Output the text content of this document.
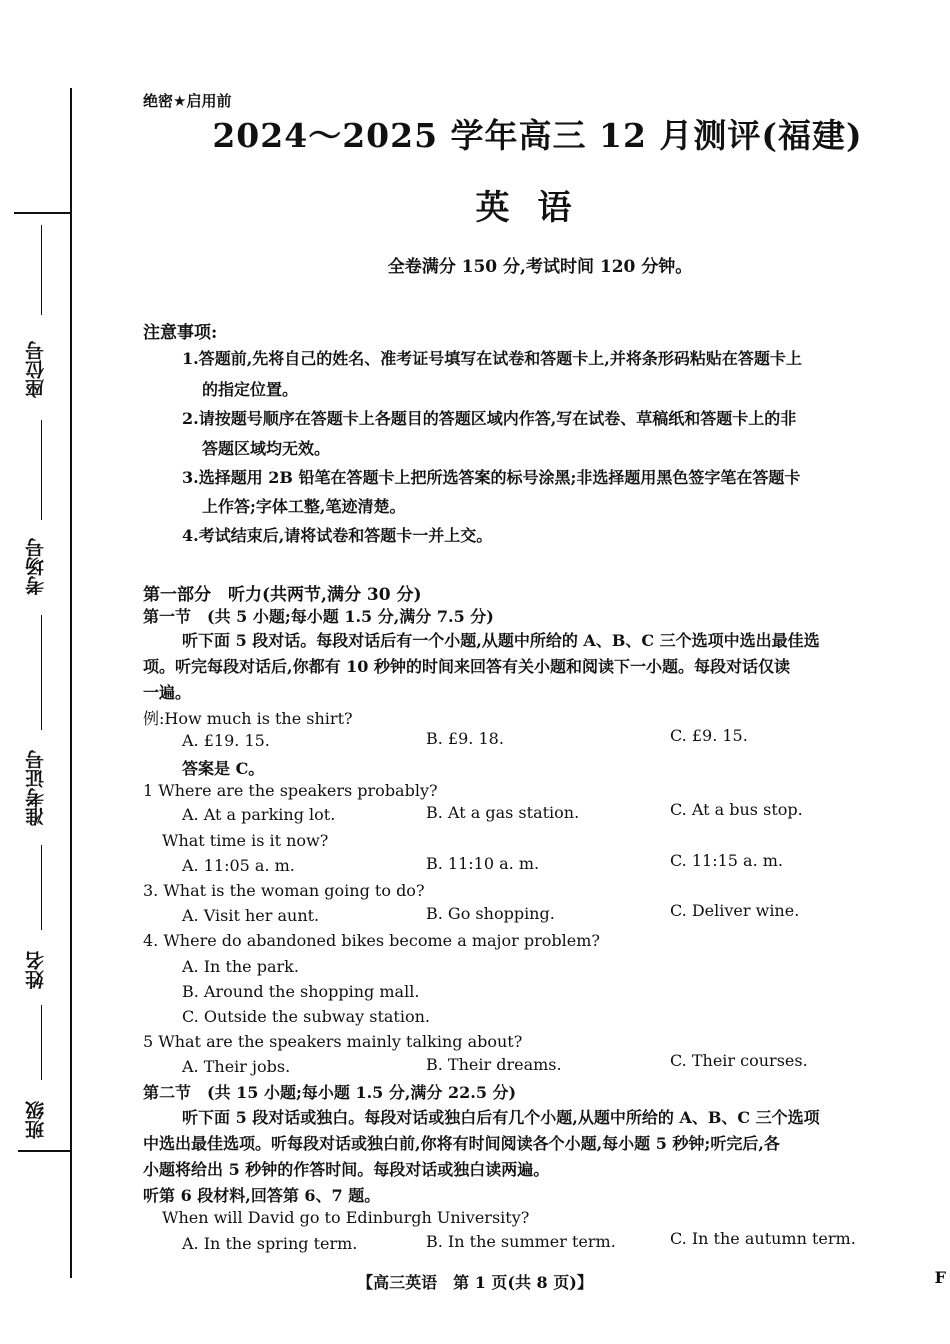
座位号
考场号
准考证号
姓名
班级
绝密★启用前
2024～2025 学年高三 12 月测评(福建)
英语
全卷满分 150 分,考试时间 120 分钟。
注意事项:
1.答题前,先将自己的姓名、准考证号填写在试卷和答题卡上,并将条形码粘贴在答题卡上
的指定位置。
2.请按题号顺序在答题卡上各题目的答题区域内作答,写在试卷、草稿纸和答题卡上的非
答题区域均无效。
3.选择题用 2B 铅笔在答题卡上把所选答案的标号涂黑;非选择题用黑色签字笔在答题卡
上作答;字体工整,笔迹清楚。
4.考试结束后,请将试卷和答题卡一并上交。
第一部分　听力(共两节,满分 30 分)
第一节　(共 5 小题;每小题 1.5 分,满分 7.5 分)
听下面 5 段对话。每段对话后有一个小题,从题中所给的 A、B、C 三个选项中选出最佳选
项。听完每段对话后,你都有 10 秒钟的时间来回答有关小题和阅读下一小题。每段对话仅读
一遍。
例:How much is the shirt?
A. £19. 15.	B. £9. 18.	C. £9. 15.
答案是 C。
1 Where are the speakers probably?
A. At a parking lot.	B. At a gas station.	C. At a bus stop.
What time is it now?
A. 11:05 a. m.	B. 11:10 a. m.	C. 11:15 a. m.
3. What is the woman going to do?
A. Visit her aunt.	B. Go shopping.	C. Deliver wine.
4. Where do abandoned bikes become a major problem?
A. In the park.
B. Around the shopping mall.
C. Outside the subway station.
5 What are the speakers mainly talking about?
A. Their jobs.	B. Their dreams.	C. Their courses.
第二节　(共 15 小题;每小题 1.5 分,满分 22.5 分)
听下面 5 段对话或独白。每段对话或独白后有几个小题,从题中所给的 A、B、C 三个选项
中选出最佳选项。听每段对话或独白前,你将有时间阅读各个小题,每小题 5 秒钟;听完后,各
小题将给出 5 秒钟的作答时间。每段对话或独白读两遍。
听第 6 段材料,回答第 6、7 题。
When will David go to Edinburgh University?
A. In the spring term.	B. In the summer term.	C. In the autumn term.
【高三英语　第 1 页(共 8 页)】	F
